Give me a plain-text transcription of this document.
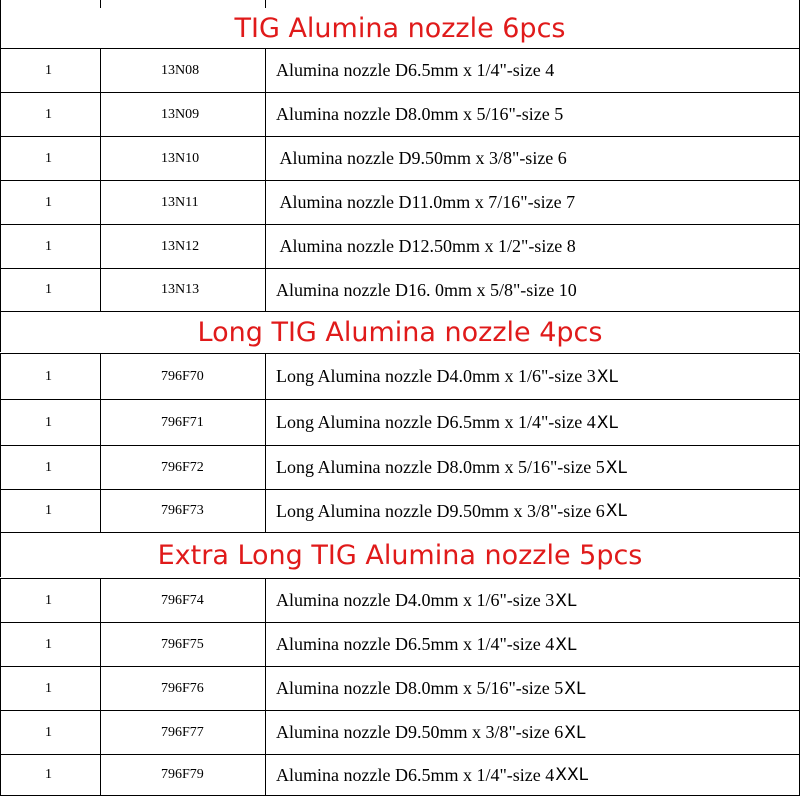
TIG Alumina nozzle 6pcs
1	13N08	Alumina nozzle D6.5mm x 1/4"-size 4
1	13N09	Alumina nozzle D8.0mm x 5/16"-size 5
1	13N10	Alumina nozzle D9.50mm x 3/8"-size 6
1	13N11	Alumina nozzle D11.0mm x 7/16"-size 7
1	13N12	Alumina nozzle D12.50mm x 1/2"-size 8
1	13N13	Alumina nozzle D16. 0mm x 5/8"-size 10
Long TIG Alumina nozzle 4pcs
1	796F70	Long Alumina nozzle D4.0mm x 1/6"-size 3 XL
1	796F71	Long Alumina nozzle D6.5mm x 1/4"-size 4 XL
1	796F72	Long Alumina nozzle D8.0mm x 5/16"-size 5 XL
1	796F73	Long Alumina nozzle D9.50mm x 3/8"-size 6 XL
Extra Long TIG Alumina nozzle 5pcs
1	796F74	Alumina nozzle D4.0mm x 1/6"-size 3 XL
1	796F75	Alumina nozzle D6.5mm x 1/4"-size 4 XL
1	796F76	Alumina nozzle D8.0mm x 5/16"-size 5 XL
1	796F77	Alumina nozzle D9.50mm x 3/8"-size 6 XL
1	796F79	Alumina nozzle D6.5mm x 1/4"-size 4 XXL
